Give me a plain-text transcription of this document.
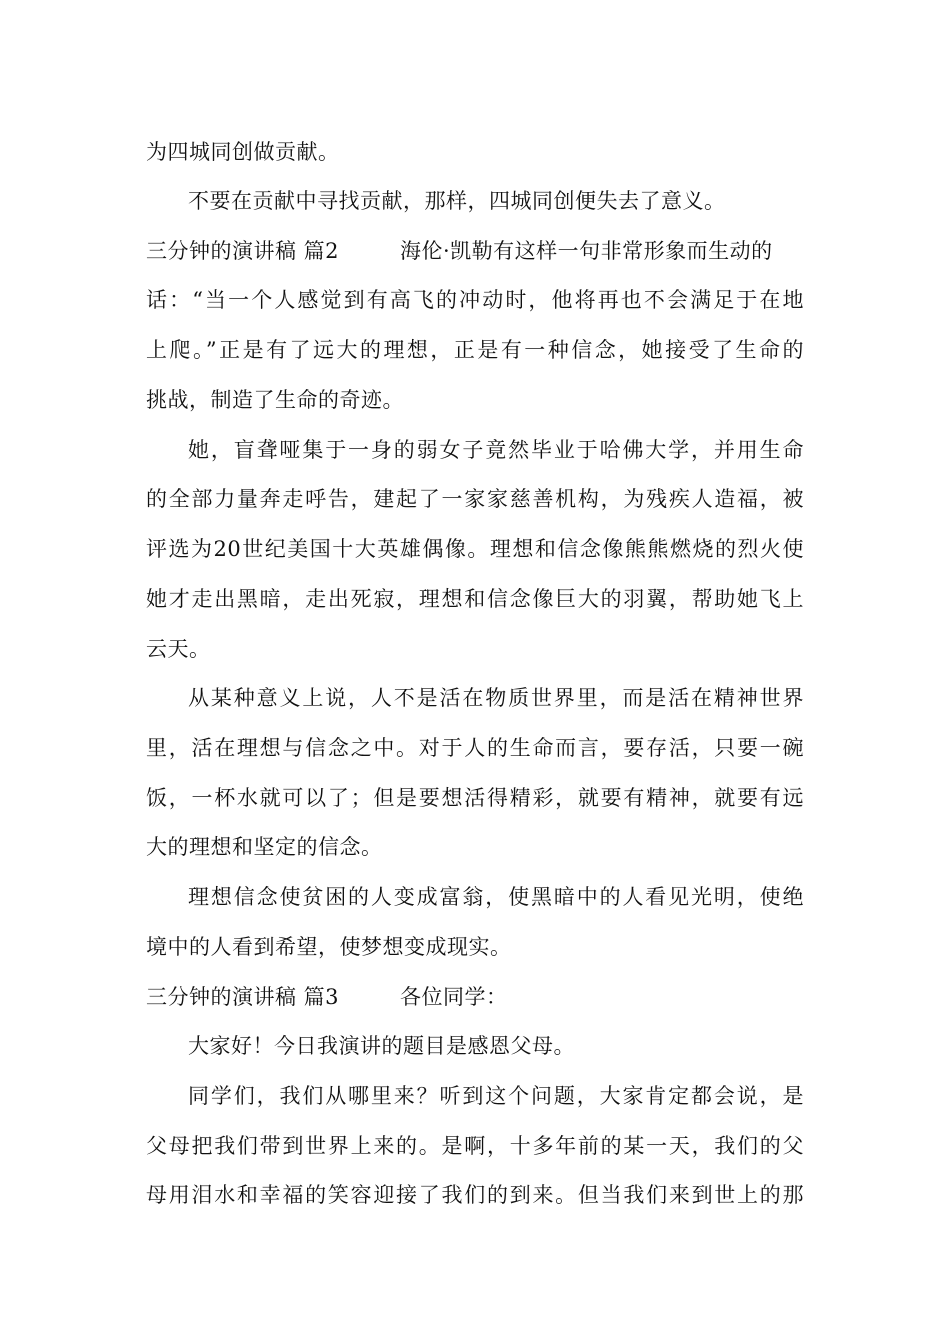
为四城同创做贡献。
不要在贡献中寻找贡献，那样，四城同创便失去了意义。
三分钟的演讲稿 篇2	海伦·凯勒有这样一句非常形象而生动的
话：“当一个人感觉到有高飞的冲动时，他将再也不会满足于在地
上爬。”正是有了远大的理想，正是有一种信念，她接受了生命的
挑战，制造了生命的奇迹。
她，盲聋哑集于一身的弱女子竟然毕业于哈佛大学，并用生命
的全部力量奔走呼告，建起了一家家慈善机构，为残疾人造福，被
评选为20世纪美国十大英雄偶像。理想和信念像熊熊燃烧的烈火使
她才走出黑暗，走出死寂，理想和信念像巨大的羽翼，帮助她飞上
云天。
从某种意义上说，人不是活在物质世界里，而是活在精神世界
里，活在理想与信念之中。对于人的生命而言，要存活，只要一碗
饭，一杯水就可以了；但是要想活得精彩，就要有精神，就要有远
大的理想和坚定的信念。
理想信念使贫困的人变成富翁，使黑暗中的人看见光明，使绝
境中的人看到希望，使梦想变成现实。
三分钟的演讲稿 篇3	各位同学：
大家好！今日我演讲的题目是感恩父母。
同学们，我们从哪里来？听到这个问题，大家肯定都会说，是
父母把我们带到世界上来的。是啊，十多年前的某一天，我们的父
母用泪水和幸福的笑容迎接了我们的到来。但当我们来到世上的那
